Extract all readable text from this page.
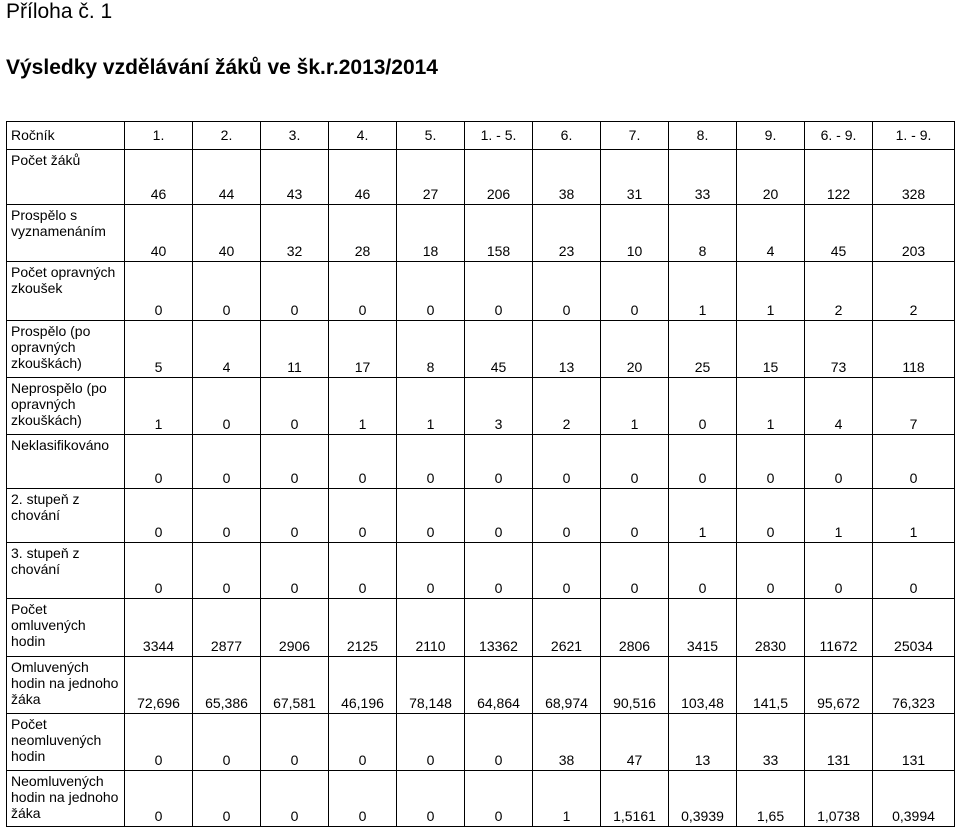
Příloha č. 1
Výsledky vzdělávání žáků ve šk.r.2013/2014
Ročník	1.	2.	3.	4.	5.	1. - 5.	6.	7.	8.	9.	6. - 9.	1. - 9.
Počet žáků	46	44	43	46	27	206	38	31	33	20	122	328
Prospělo s vyznamenáním	40	40	32	28	18	158	23	10	8	4	45	203
Počet opravných zkoušek	0	0	0	0	0	0	0	0	1	1	2	2
Prospělo (po opravných zkouškách)	5	4	11	17	8	45	13	20	25	15	73	118
Neprospělo (po opravných zkouškách)	1	0	0	1	1	3	2	1	0	1	4	7
Neklasifikováno	0	0	0	0	0	0	0	0	0	0	0	0
2. stupeň z chování	0	0	0	0	0	0	0	0	1	0	1	1
3. stupeň z chování	0	0	0	0	0	0	0	0	0	0	0	0
Počet omluvených hodin	3344	2877	2906	2125	2110	13362	2621	2806	3415	2830	11672	25034
Omluvených hodin na jednoho žáka	72,696	65,386	67,581	46,196	78,148	64,864	68,974	90,516	103,48	141,5	95,672	76,323
Počet neomluvených hodin	0	0	0	0	0	0	38	47	13	33	131	131
Neomluvených hodin na jednoho žáka	0	0	0	0	0	0	1	1,5161	0,3939	1,65	1,0738	0,3994
